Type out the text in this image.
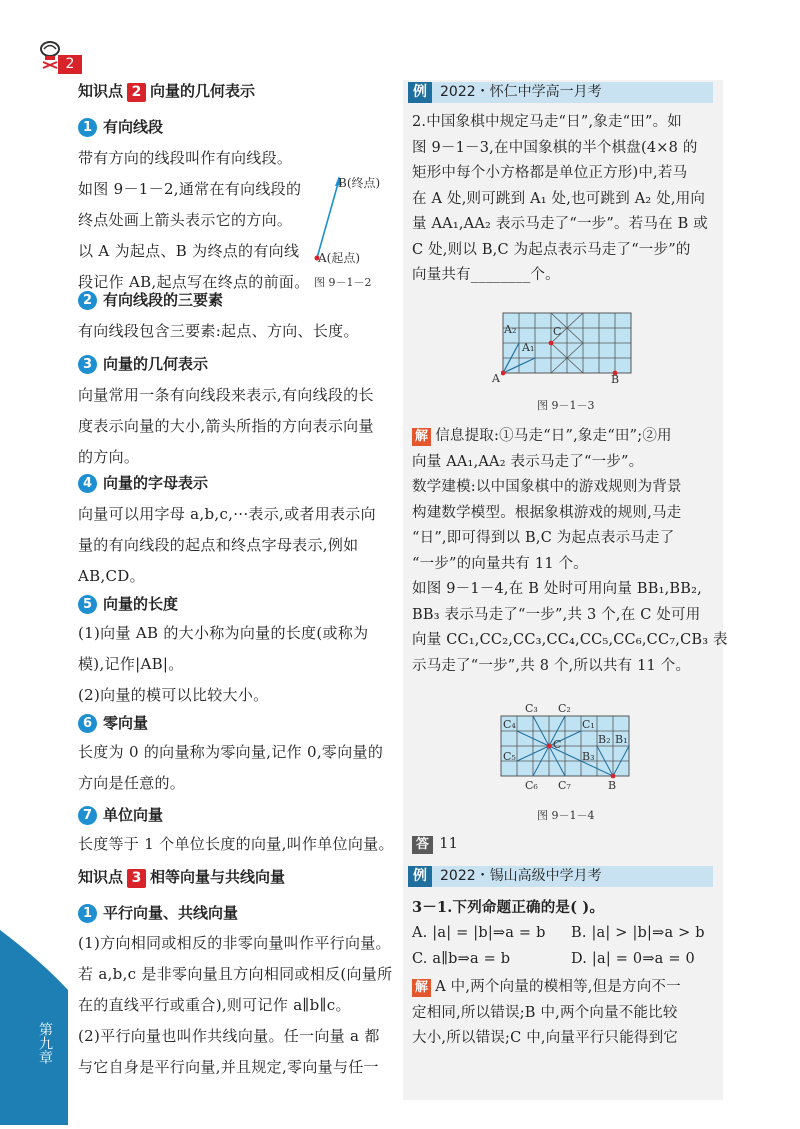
2
第九章
知识点 2 向量的几何表示
1 有向线段
带有方向的线段叫作有向线段。
如图 9－1－2,通常在有向线段的
终点处画上箭头表示它的方向。
以 A 为起点、B 为终点的有向线
段记作 AB,起点写在终点的前面。
B(终点)
A(起点)
图 9－1－2
2 有向线段的三要素
有向线段包含三要素:起点、方向、长度。
3 向量的几何表示
向量常用一条有向线段来表示,有向线段的长
度表示向量的大小,箭头所指的方向表示向量
的方向。
4 向量的字母表示
向量可以用字母 a,b,c,···表示,或者用表示向
量的有向线段的起点和终点字母表示,例如
AB,CD。
5 向量的长度
(1)向量 AB 的大小称为向量的长度(或称为
模),记作|AB|。
(2)向量的模可以比较大小。
6 零向量
长度为 0 的向量称为零向量,记作 0,零向量的
方向是任意的。
7 单位向量
长度等于 1 个单位长度的向量,叫作单位向量。
知识点 3 相等向量与共线向量
1 平行向量、共线向量
(1)方向相同或相反的非零向量叫作平行向量。
若 a,b,c 是非零向量且方向相同或相反(向量所
在的直线平行或重合),则可记作 a∥b∥c。
(2)平行向量也叫作共线向量。任一向量 a 都
与它自身是平行向量,并且规定,零向量与任一
例 2022・怀仁中学高一月考
2.中国象棋中规定马走“日”,象走“田”。如
图 9－1－3,在中国象棋的半个棋盘(4×8 的
矩形中每个小方格都是单位正方形)中,若马
在 A 处,则可跳到 A₁ 处,也可跳到 A₂ 处,用向
量 AA₁,AA₂ 表示马走了“一步”。若马在 B 或
C 处,则以 B,C 为起点表示马走了“一步”的
向量共有________个。
A₂	C
A₁
A	B
图 9－1－3
解 信息提取:①马走“日”,象走“田”;②用
向量 AA₁,AA₂ 表示马走了“一步”。
数学建模:以中国象棋中的游戏规则为背景
构建数学模型。根据象棋游戏的规则,马走
“日”,即可得到以 B,C 为起点表示马走了
“一步”的向量共有 11 个。
如图 9－1－4,在 B 处时可用向量 BB₁,BB₂,
BB₃ 表示马走了“一步”,共 3 个,在 C 处可用
向量 CC₁,CC₂,CC₃,CC₄,CC₅,CC₆,CC₇,CB₃ 表
示马走了“一步”,共 8 个,所以共有 11 个。
C₃ C₂
C₄	C₁
C	B₂ B₁
C₅	B₃
C₆ C₇	B
图 9－1－4
答 11
例 2022・锡山高级中学月考
3－1.下列命题正确的是( )。
A. |a| = |b|⇒a = b B. |a| > |b|⇒a > b
C. a∥b⇒a = b	D. |a| = 0⇒a = 0
解 A 中,两个向量的模相等,但是方向不一
定相同,所以错误;B 中,两个向量不能比较
大小,所以错误;C 中,向量平行只能得到它
